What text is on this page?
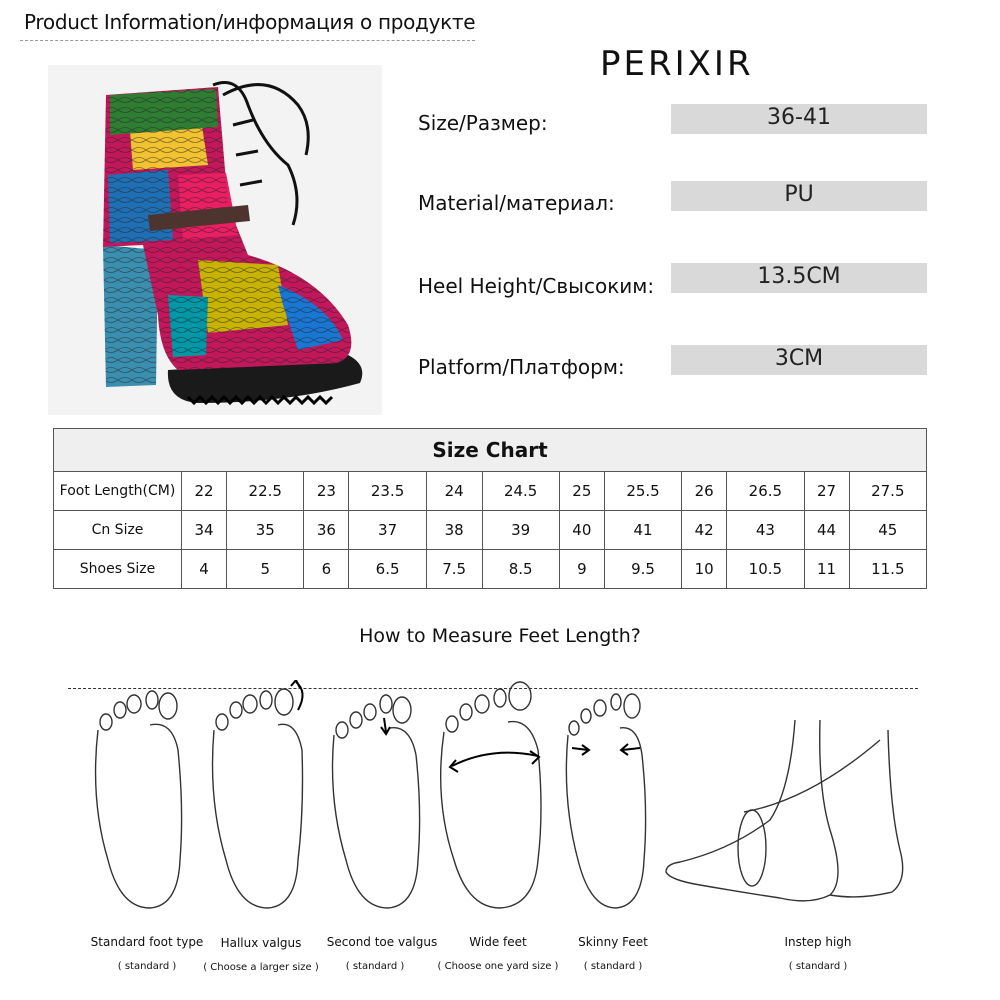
Product Information/информация о продукте
PERIXIR
Size/Размер:	36-41
Material/материал:	PU
Heel Height/Свысоким:	13.5CM
Platform/Платформ:	3CM
Size Chart												
Foot Length(CM)	22	22.5	23	23.5	24	24.5	25	25.5	26	26.5	27	27.5
Cn Size	34	35	36	37	38	39	40	41	42	43	44	45
Shoes Size	4	5	6	6.5	7.5	8.5	9	9.5	10	10.5	11	11.5
How to Measure Feet Length?
Standard foot type
( standard )
Hallux valgus
( Choose a larger size )
Second toe valgus
( standard )
Wide feet
( Choose one yard size )
Skinny Feet
( standard )
Instep high
( standard )
